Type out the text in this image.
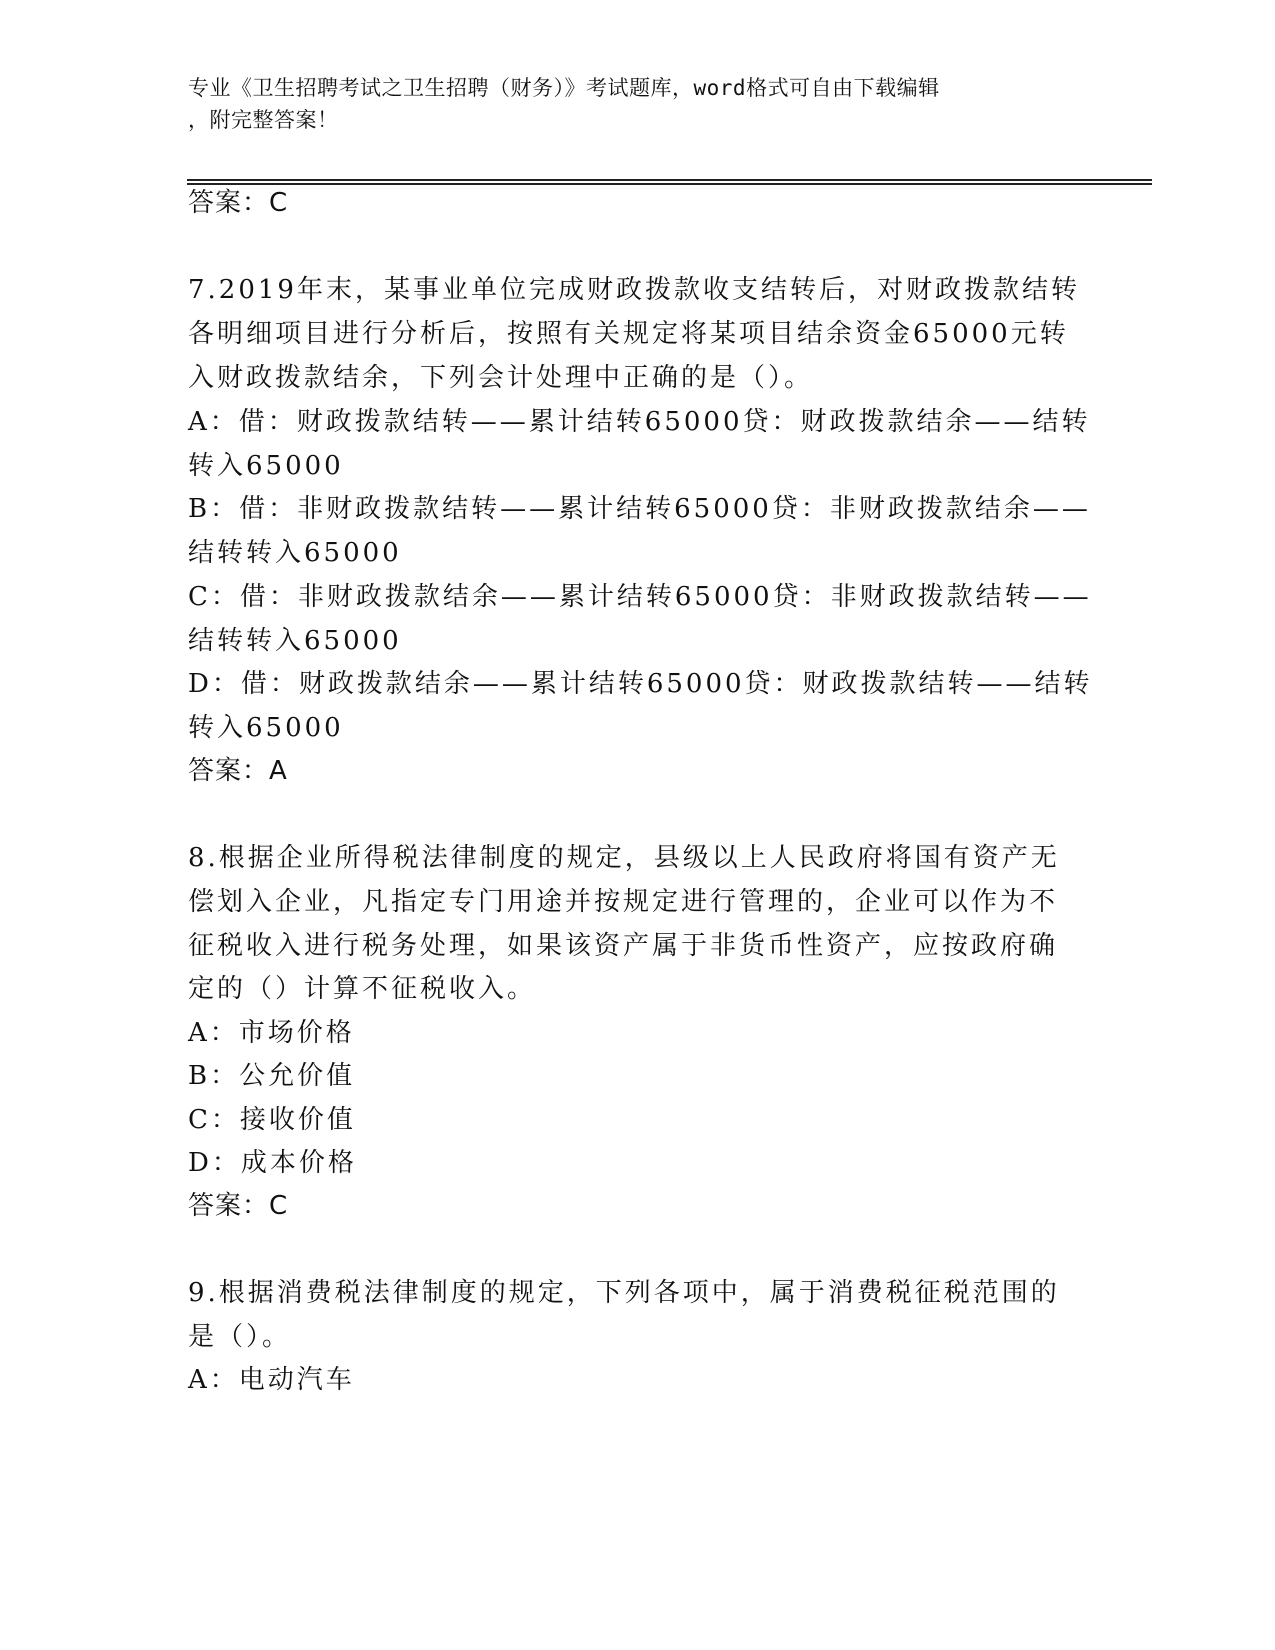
专业《卫生招聘考试之卫生招聘（财务）》考试题库，word格式可自由下载编辑
，附完整答案！
答案：C
7.2019年末，某事业单位完成财政拨款收支结转后，对财政拨款结转
各明细项目进行分析后，按照有关规定将某项目结余资金65000元转
入财政拨款结余，下列会计处理中正确的是（）。
A：借：财政拨款结转——累计结转65000贷：财政拨款结余——结转
转入65000
B：借：非财政拨款结转——累计结转65000贷：非财政拨款结余——
结转转入65000
C：借：非财政拨款结余——累计结转65000贷：非财政拨款结转——
结转转入65000
D：借：财政拨款结余——累计结转65000贷：财政拨款结转——结转
转入65000
答案：A
8.根据企业所得税法律制度的规定，县级以上人民政府将国有资产无
偿划入企业，凡指定专门用途并按规定进行管理的，企业可以作为不
征税收入进行税务处理，如果该资产属于非货币性资产，应按政府确
定的（）计算不征税收入。
A：市场价格
B：公允价值
C：接收价值
D：成本价格
答案：C
9.根据消费税法律制度的规定，下列各项中，属于消费税征税范围的
是（）。
A：电动汽车
